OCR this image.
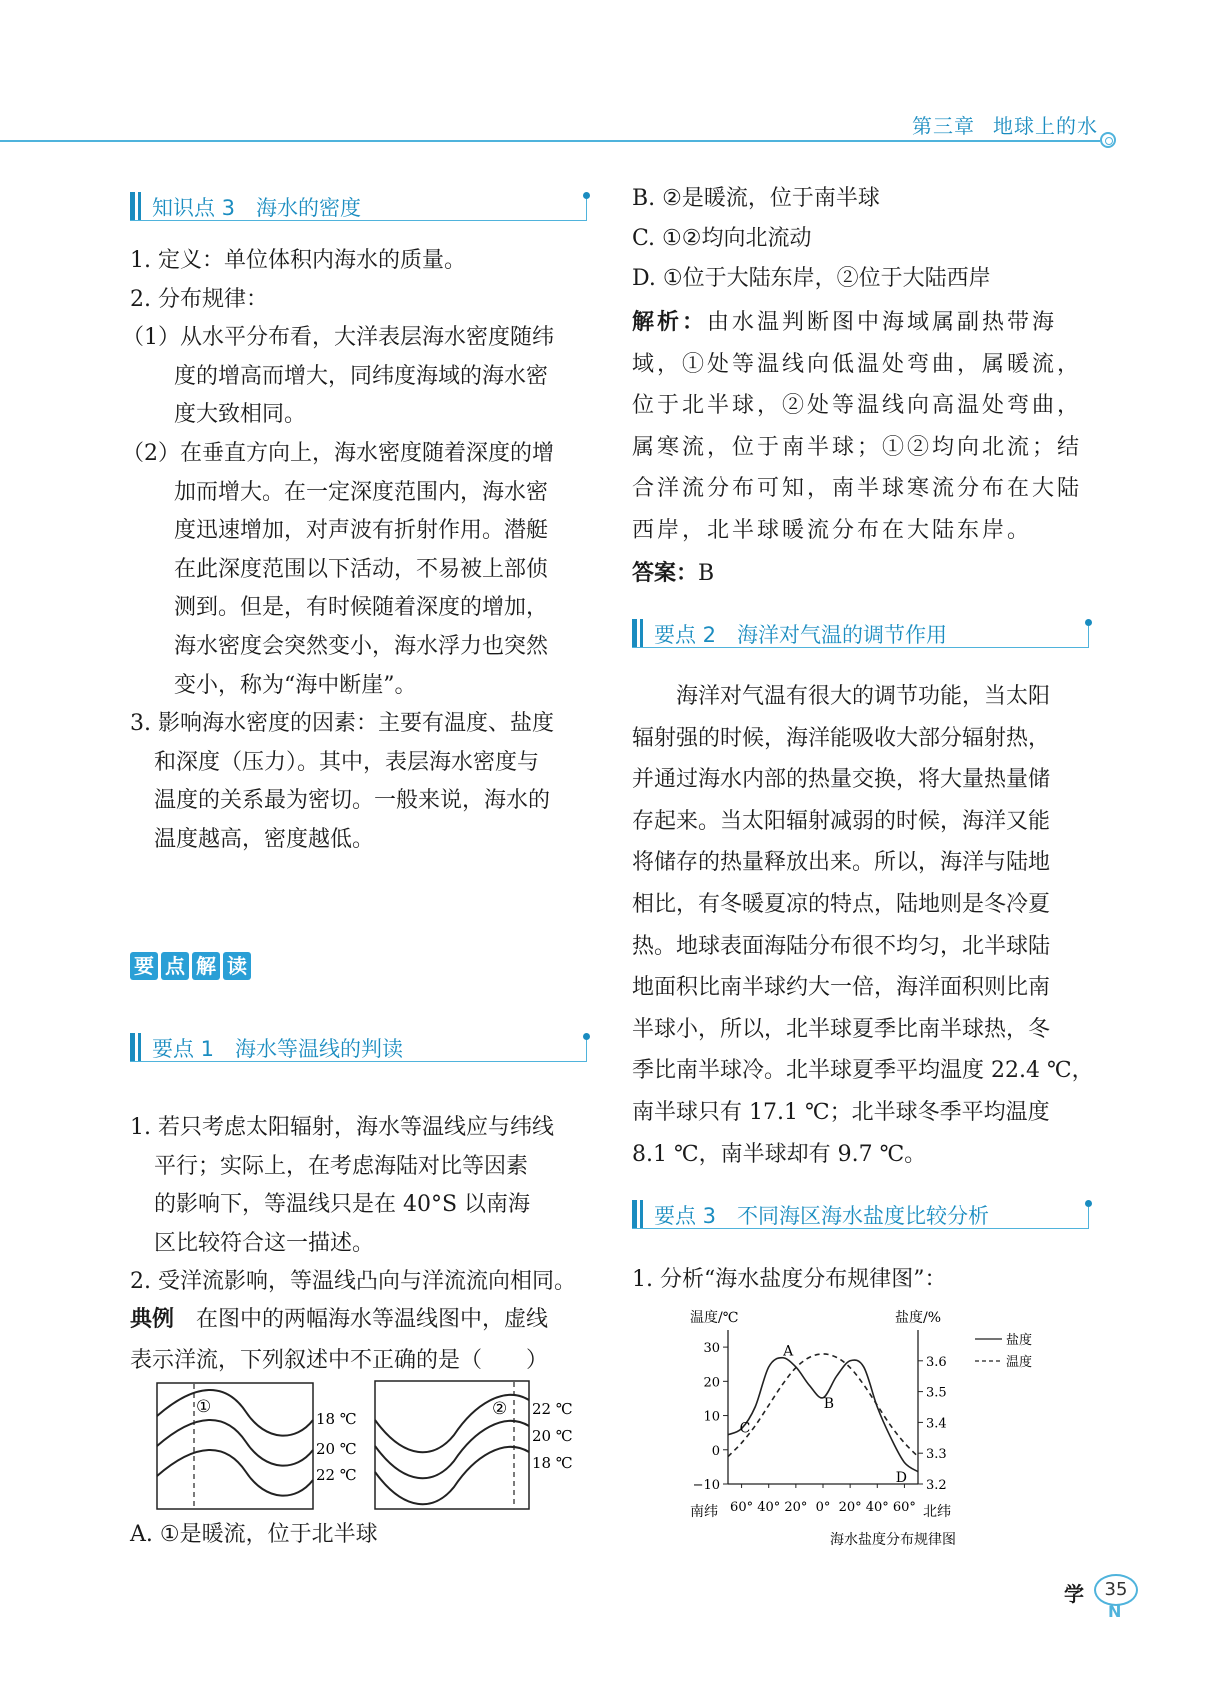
第三章 地球上的水
知识点 3　海水的密度
1. 定义：单位体积内海水的质量。
2. 分布规律：
（1）从水平分布看，大洋表层海水密度随纬
度的增高而增大，同纬度海域的海水密
度大致相同。
（2）在垂直方向上，海水密度随着深度的增
加而增大。在一定深度范围内，海水密
度迅速增加，对声波有折射作用。潜艇
在此深度范围以下活动，不易被上部侦
测到。但是，有时候随着深度的增加，
海水密度会突然变小，海水浮力也突然
变小，称为“海中断崖”。
3. 影响海水密度的因素：主要有温度、盐度
和深度（压力）。其中，表层海水密度与
温度的关系最为密切。一般来说，海水的
温度越高，密度越低。
要 点 解 读
要点 1　海水等温线的判读
1. 若只考虑太阳辐射，海水等温线应与纬线
平行；实际上，在考虑海陆对比等因素
的影响下，等温线只是在 40°S 以南海
区比较符合这一描述。
2. 受洋流影响，等温线凸向与洋流流向相同。
典例　 在图中的两幅海水等温线图中，虚线
表示洋流，下列叙述中不正确的是（　　）
①
18 ℃
20 ℃
22 ℃
② 22 ℃
20 ℃
18 ℃
A. ①是暖流，位于北半球
B. ②是暖流，位于南半球
C. ①②均向北流动
D. ①位于大陆东岸，②位于大陆西岸
解析：由水温判断图中海域属副热带海
域，①处等温线向低温处弯曲，属暖流，
位于北半球，②处等温线向高温处弯曲，
属寒流，位于南半球；①②均向北流；结
合洋流分布可知，南半球寒流分布在大陆
西岸，北半球暖流分布在大陆东岸。
答案：B
要点 2　海洋对气温的调节作用
　　海洋对气温有很大的调节功能，当太阳
辐射强的时候，海洋能吸收大部分辐射热，
并通过海水内部的热量交换，将大量热量储
存起来。当太阳辐射减弱的时候，海洋又能
将储存的热量释放出来。所以，海洋与陆地
相比，有冬暖夏凉的特点，陆地则是冬冷夏
热。地球表面海陆分布很不均匀，北半球陆
地面积比南半球约大一倍，海洋面积则比南
半球小，所以，北半球夏季比南半球热，冬
季比南半球冷。北半球夏季平均温度 22.4 ℃，
南半球只有 17.1 ℃；北半球冬季平均温度
8.1 ℃，南半球却有 9.7 ℃。
要点 3　不同海区海水盐度比较分析
1. 分析“海水盐度分布规律图”：
温度/℃	盐度/%
30
20
10
0
−10
3.6
3.5
3.4
3.3
3.2
60° 40° 20° 0° 20° 40° 60°
A
B
C
D
南纬	北纬
盐度
温度
海水盐度分布规律图
学	35
N
